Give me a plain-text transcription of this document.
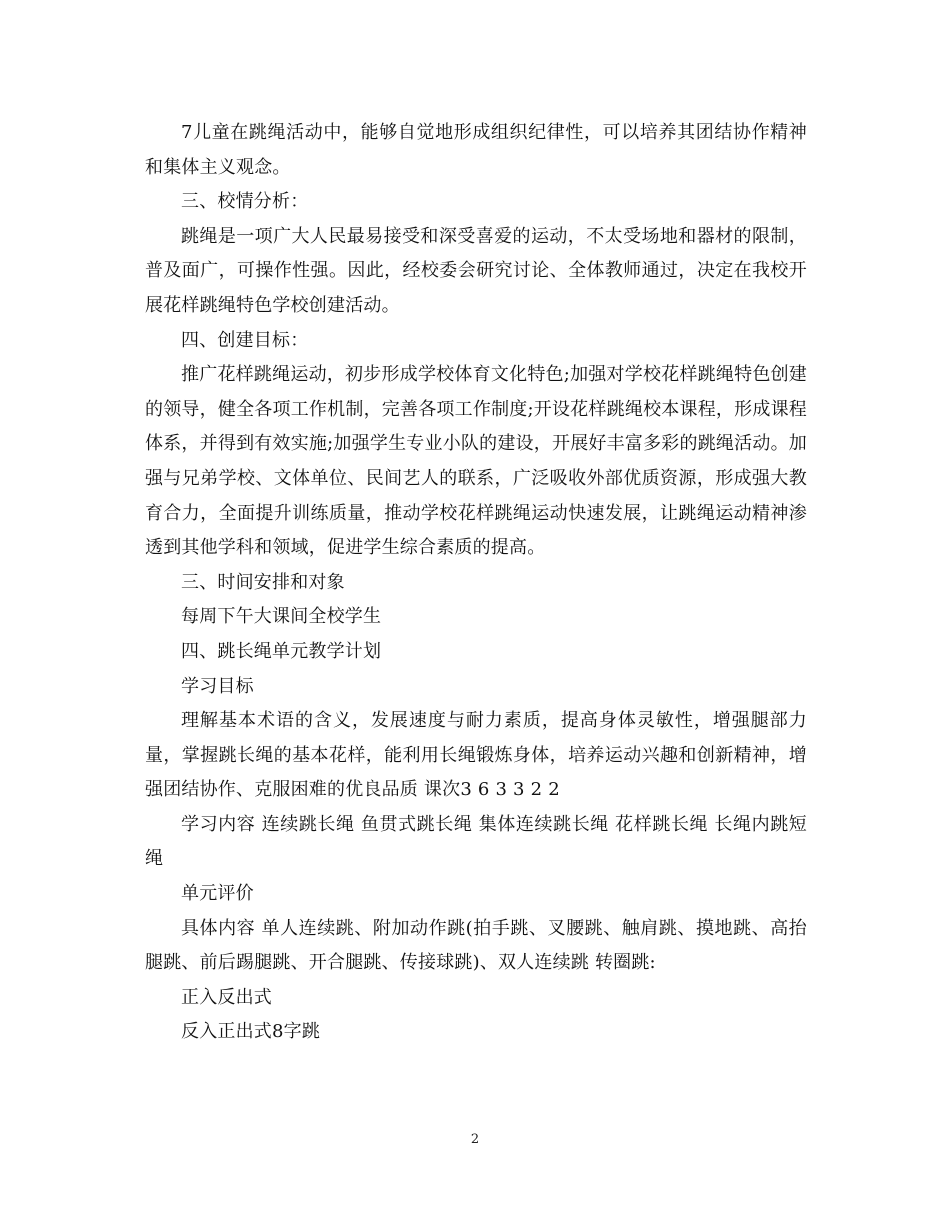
7儿童在跳绳活动中，能够自觉地形成组织纪律性，可以培养其团结协作精神和集体主义观念。

三、校情分析：

跳绳是一项广大人民最易接受和深受喜爱的运动，不太受场地和器材的限制，普及面广，可操作性强。因此，经校委会研究讨论、全体教师通过，决定在我校开展花样跳绳特色学校创建活动。

四、创建目标：

推广花样跳绳运动，初步形成学校体育文化特色;加强对学校花样跳绳特色创建的领导，健全各项工作机制，完善各项工作制度;开设花样跳绳校本课程，形成课程体系，并得到有效实施;加强学生专业小队的建设，开展好丰富多彩的跳绳活动。加强与兄弟学校、文体单位、民间艺人的联系，广泛吸收外部优质资源，形成强大教育合力，全面提升训练质量，推动学校花样跳绳运动快速发展，让跳绳运动精神渗透到其他学科和领域，促进学生综合素质的提高。

三、时间安排和对象

每周下午大课间全校学生

四、跳长绳单元教学计划

学习目标

理解基本术语的含义，发展速度与耐力素质，提高身体灵敏性，增强腿部力量，掌握跳长绳的基本花样，能利用长绳锻炼身体，培养运动兴趣和创新精神，增强团结协作、克服困难的优良品质 课次3 6 3 3 2 2

学习内容 连续跳长绳 鱼贯式跳长绳 集体连续跳长绳 花样跳长绳 长绳内跳短绳

单元评价

具体内容 单人连续跳、附加动作跳(拍手跳、叉腰跳、触肩跳、摸地跳、高抬腿跳、前后踢腿跳、开合腿跳、传接球跳)、双人连续跳 转圈跳:

正入反出式

反入正出式8字跳

2
